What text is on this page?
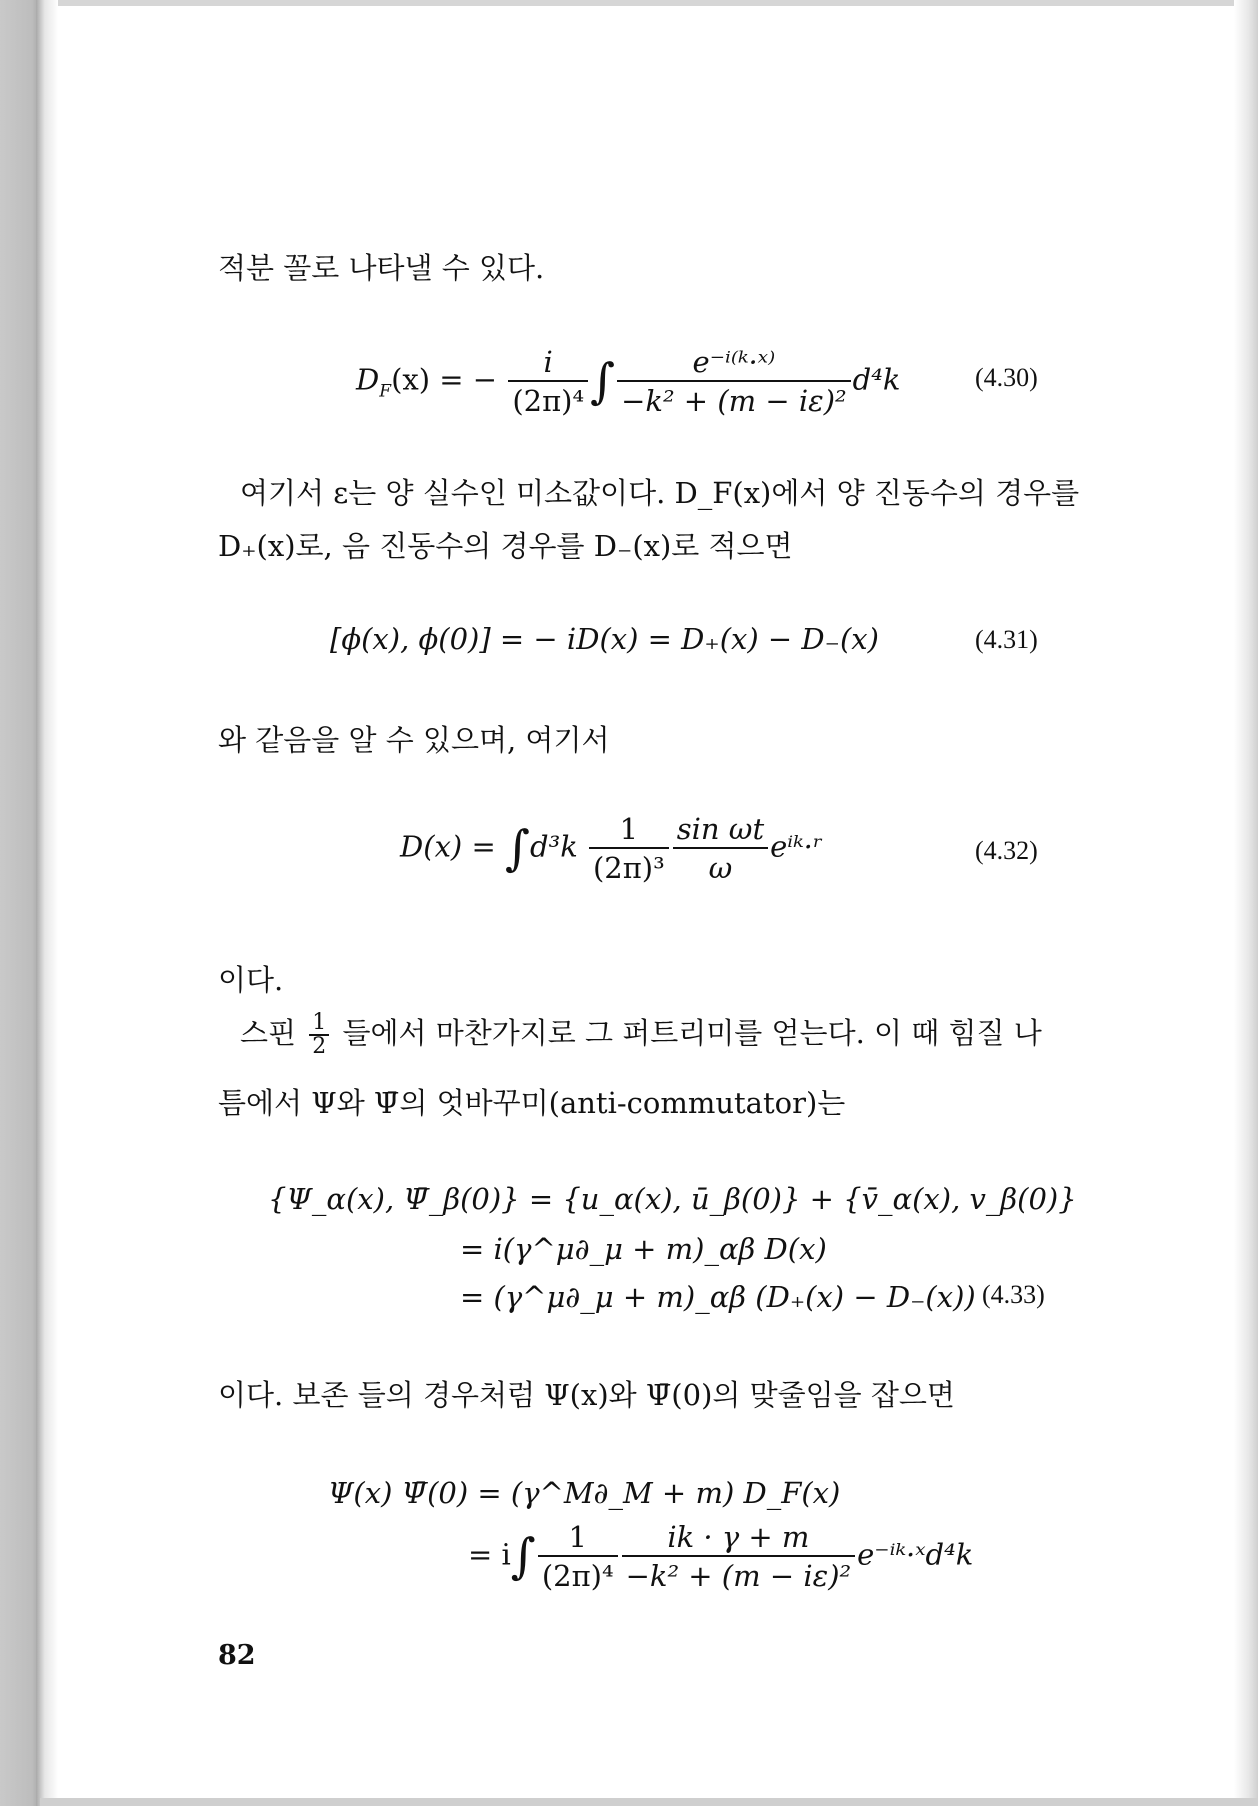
적분 꼴로 나타낼 수 있다.
$D_F(x)$ = − $\frac{i}{\text{(2π)⁴}}$ ∫ $\frac{\text{e⁻ⁱ⁽ᵏ·ˣ⁾}}{\text{−k² + (m − iε)²}} d^4k$	(4.30)
여기서 ε는 양 실수인 미소값이다. D_F(x)에서 양 진동수의 경우를
D₊(x)로, 음 진동수의 경우를 D₋(x)로 적으면
[ϕ(x), ϕ(0)] = − iD(x) = D₊(x) − D₋(x)	(4.31)
와 같음을 알 수 있으며, 여기서
$D(x) = \int d^3k \frac{1}{\text{(2π)³}} \frac{\text{sin ωt}}{\omega}$ eⁱᵏ·ʳ	(4.32)
이다.
스핀 $\frac{1}{2}$ 들에서 마찬가지로 그 퍼트리미를 얻는다. 이 때 힘질 나
틈에서 Ψ와 Ψ̄의 엇바꾸미(anti-commutator)는
{Ψ_α(x), Ψ̄_β(0)} = {u_α(x), ū_β(0)} + {v̄_α(x), v_β(0)}
= i(γ^μ∂_μ + m)_αβ D(x)
= (γ^μ∂_μ + m)_αβ (D₊(x) − D₋(x)) (4.33)
이다. 보존 들의 경우처럼 Ψ(x)와 Ψ̄(0)의 맞줄임을 잡으면
Ψ(x) Ψ̄(0) = (γ^M∂_M + m) D_F(x)
= $i\int \frac{1}{\text{(2π)⁴}} \frac{ik \cdot \gamma + m}{\text{−k² + (m − iε)²}}$ e⁻ⁱᵏ·ˣd⁴k
82
